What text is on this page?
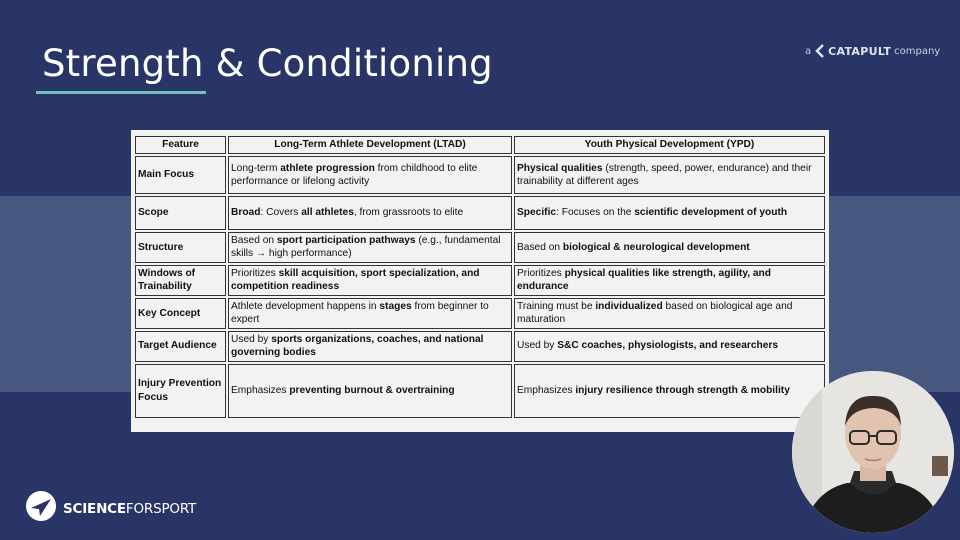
Strength & Conditioning	a CATAPULT company
Feature	Long-Term Athlete Development (LTAD)	Youth Physical Development (YPD)
Main Focus	Long-term athlete progression from childhood to elite performance or lifelong activity	Physical qualities (strength, speed, power, endurance) and their trainability at different ages
Scope	Broad: Covers all athletes, from grassroots to elite	Specific: Focuses on the scientific development of youth
Structure	Based on sport participation pathways (e.g., fundamental skills → high performance)	Based on biological & neurological development
Windows of Trainability	Prioritizes skill acquisition, sport specialization, and competition readiness	Prioritizes physical qualities like strength, agility, and endurance
Key Concept	Athlete development happens in stages from beginner to expert	Training must be individualized based on biological age and maturation
Target Audience	Used by sports organizations, coaches, and national governing bodies	Used by S&C coaches, physiologists, and researchers
Injury Prevention Focus	Emphasizes preventing burnout & overtraining	Emphasizes injury resilience through strength & mobility
SCIENCEFORSPORT
